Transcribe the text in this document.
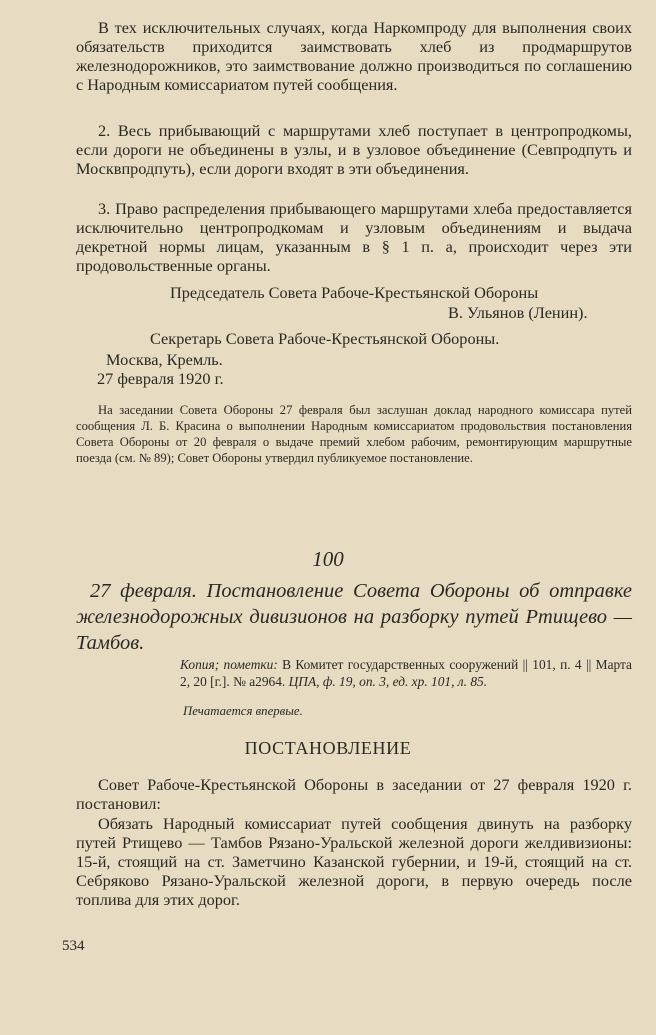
В тех исключительных случаях, когда Наркомпроду для выполнения своих обязательств приходится заимствовать хлеб из продмаршрутов железнодорожников, это заимствование должно производиться по соглашению с Народным комиссариатом путей сообщения.

2. Весь прибывающий с маршрутами хлеб поступает в центропродкомы, если дороги не объединены в узлы, и в узловое объединение (Севпродпуть и Москвпродпуть), если дороги входят в эти объединения.

3. Право распределения прибывающего маршрутами хлеба предоставляется исключительно центропродкомам и узловым объединениям и выдача декретной нормы лицам, указанным в § 1 п. а, происходит через эти продовольственные органы.

Председатель Совета Рабоче-Крестьянской Обороны

В. Ульянов (Ленин).

Секретарь Совета Рабоче-Крестьянской Обороны.

Москва, Кремль.

27 февраля 1920 г.

На заседании Совета Обороны 27 февраля был заслушан доклад народного комиссара путей сообщения Л. Б. Красина о выполнении Народным комиссариатом продовольствия постановления Совета Обороны от 20 февраля о выдаче премий хлебом рабочим, ремонтирующим маршрутные поезда (см. № 89); Совет Обороны утвердил публикуемое постановление.

100

27 февраля. Постановление Совета Обороны об отправке железнодорожных дивизионов на разборку путей Ртищево — Тамбов.

Копия; пометки: В Комитет государственных сооружений || 101, п. 4 || Марта 2, 20 [г.]. № а2964. ЦПА, ф. 19, оп. 3, ед. хр. 101, л. 85.

Печатается впервые.

ПОСТАНОВЛЕНИЕ

Совет Рабоче-Крестьянской Обороны в заседании от 27 февраля 1920 г. постановил:

Обязать Народный комиссариат путей сообщения двинуть на разборку путей Ртищево — Тамбов Рязано-Уральской железной дороги желдивизионы: 15-й, стоящий на ст. Заметчино Казанской губернии, и 19-й, стоящий на ст. Себряково Рязано-Уральской железной дороги, в первую очередь после топлива для этих дорог.

534
